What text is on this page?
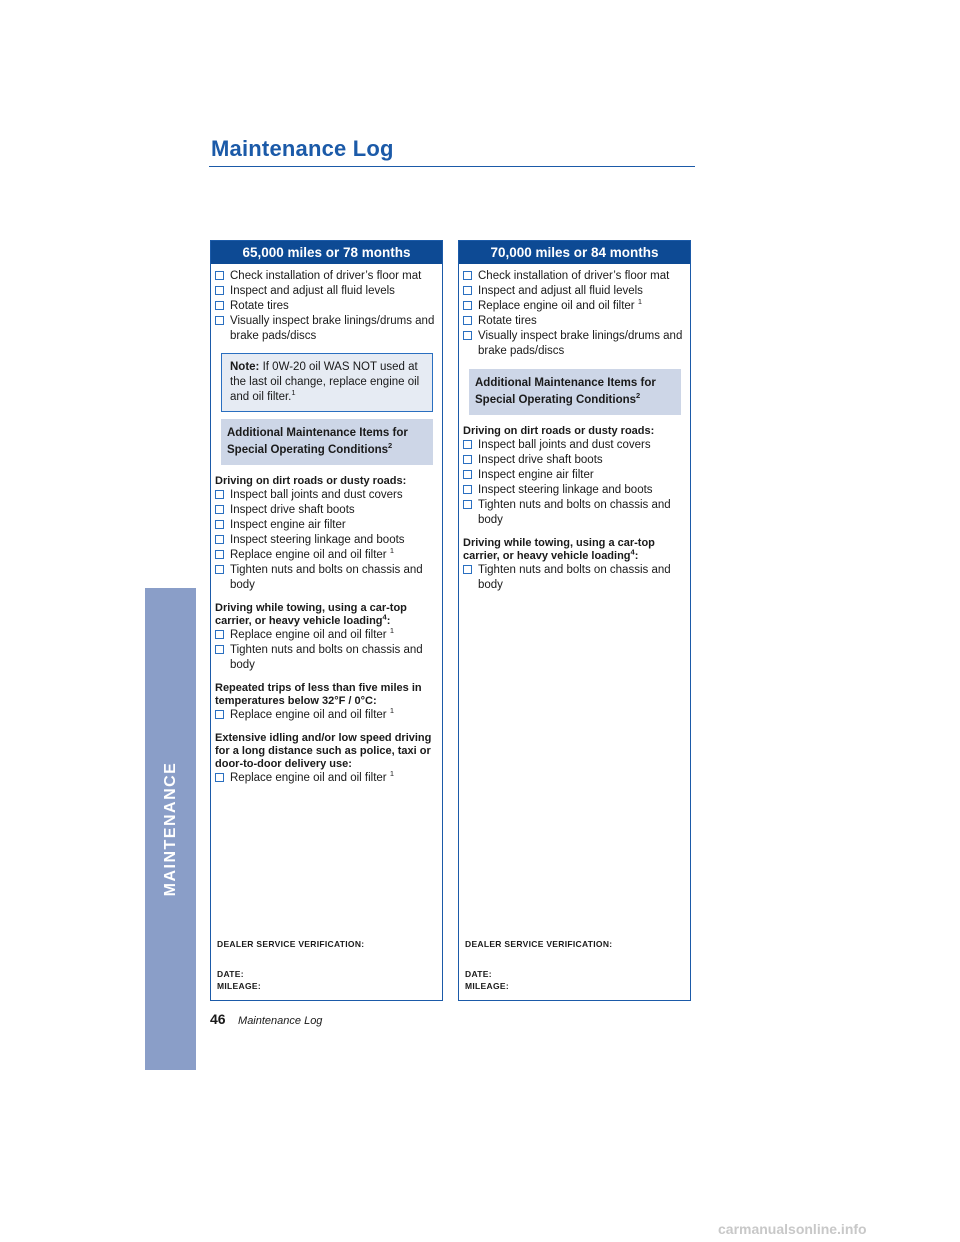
Maintenance Log
MAINTENANCE
65,000 miles or 78 months
Check installation of driver’s floor mat
Inspect and adjust all fluid levels
Rotate tires
Visually inspect brake linings/drums and brake pads/discs
Note: If 0W-20 oil WAS NOT used at the last oil change, replace engine oil and oil filter.$^1$
Additional Maintenance Items for Special Operating Conditions$^2$
Driving on dirt roads or dusty roads:
Inspect ball joints and dust covers
Inspect drive shaft boots
Inspect engine air filter
Inspect steering linkage and boots
Replace engine oil and oil filter $^1$
Tighten nuts and bolts on chassis and body
Driving while towing, using a car-top carrier, or heavy vehicle loading$^4$:
Replace engine oil and oil filter $^1$
Tighten nuts and bolts on chassis and body
Repeated trips of less than five miles in temperatures below 32°F / 0°C:
Replace engine oil and oil filter $^1$
Extensive idling and/or low speed driving for a long distance such as police, taxi or door-to-door delivery use:
Replace engine oil and oil filter $^1$
DEALER SERVICE VERIFICATION:
DATE:
MILEAGE:
70,000 miles or 84 months
Check installation of driver’s floor mat
Inspect and adjust all fluid levels
Replace engine oil and oil filter $^1$
Rotate tires
Visually inspect brake linings/drums and brake pads/discs
Additional Maintenance Items for Special Operating Conditions$^2$
Driving on dirt roads or dusty roads:
Inspect ball joints and dust covers
Inspect drive shaft boots
Inspect engine air filter
Inspect steering linkage and boots
Tighten nuts and bolts on chassis and body
Driving while towing, using a car-top carrier, or heavy vehicle loading$^4$:
Tighten nuts and bolts on chassis and body
DEALER SERVICE VERIFICATION:
DATE:
MILEAGE:
46 Maintenance Log
carmanualsonline.info
